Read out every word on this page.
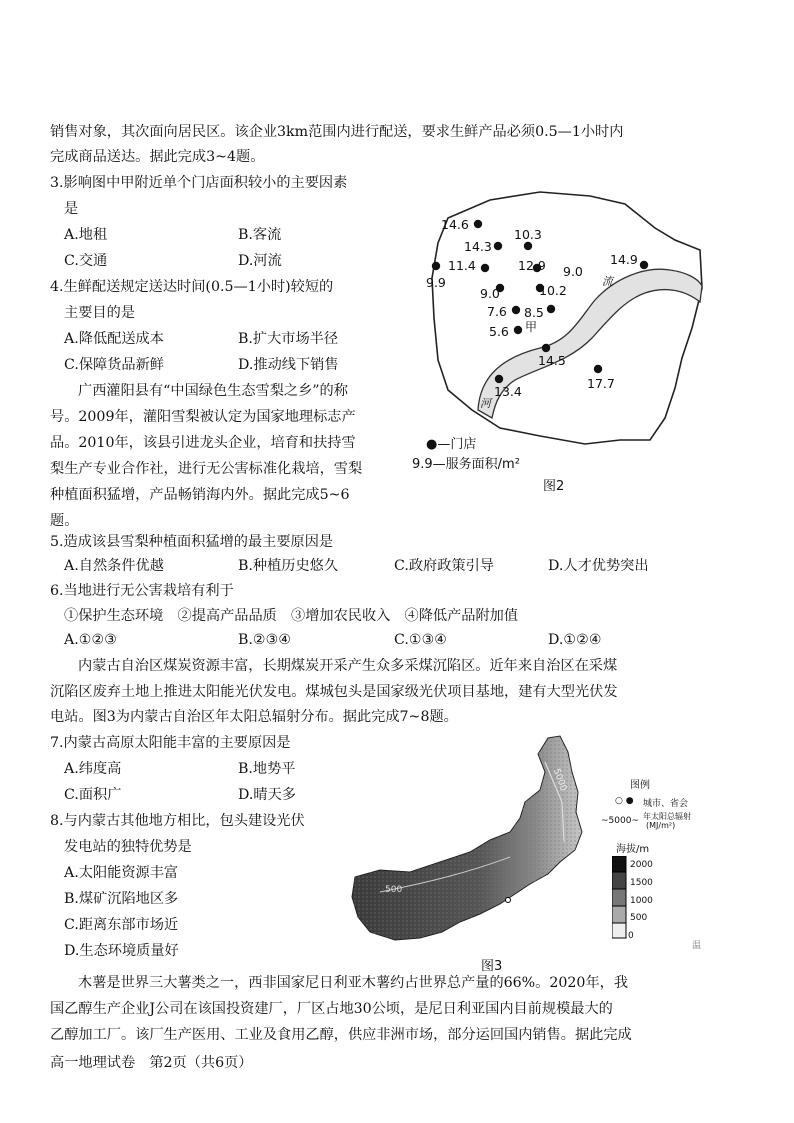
销售对象，其次面向居民区。该企业3km范围内进行配送，要求生鲜产品必须0.5—1小时内
完成商品送达。据此完成3~4题。
3.影响图中甲附近单个门店面积较小的主要因素
是
A.地租	B.客流
C.交通	D.河流
4.生鲜配送规定送达时间(0.5—1小时)较短的
主要目的是
A.降低配送成本	B.扩大市场半径
C.保障货品新鲜	D.推动线下销售
广西灌阳县有“中国绿色生态雪梨之乡”的称
号。2009年，灌阳雪梨被认定为国家地理标志产
品。2010年，该县引进龙头企业，培育和扶持雪
梨生产专业合作社，进行无公害标准化栽培，雪梨
种植面积猛增，产品畅销海内外。据此完成5~6
题。
流
河
甲
14.6
10.3
14.3
11.4	12.9 9.0
14.9
9.9
9.0	10.2
7.6 8.5
5.6
14.5
17.7
13.4
●—门店
9.9—服务面积/m²
图2
5.造成该县雪梨种植面积猛增的最主要原因是
A.自然条件优越	B.种植历史悠久	C.政府政策引导	D.人才优势突出
6.当地进行无公害栽培有利于
①保护生态环境　②提高产品品质　③增加农民收入　④降低产品附加值
A.①②③	B.②③④	C.①③④	D.①②④
内蒙古自治区煤炭资源丰富，长期煤炭开采产生众多采煤沉陷区。近年来自治区在采煤
沉陷区废弃土地上推进太阳能光伏发电。煤城包头是国家级光伏项目基地，建有大型光伏发
电站。图3为内蒙古自治区年太阳总辐射分布。据此完成7~8题。
7.内蒙古高原太阳能丰富的主要原因是
A.纬度高	B.地势平
C.面积广	D.晴天多
8.与内蒙古其他地方相比，包头建设光伏
发电站的独特优势是
A.太阳能资源丰富
B.煤矿沉陷地区多
C.距离东部市场近
D.生态环境质量好
5000
500
呼和浩特
图例
○ ● 城市、省会
~5000~ 年太阳总辐射
(MJ/m²)
海拔/m
2000
1500
1000
500
0
温
图3
木薯是世界三大薯类之一，西非国家尼日利亚木薯约占世界总产量的66%。2020年，我
国乙醇生产企业J公司在该国投资建厂，厂区占地30公顷，是尼日利亚国内目前规模最大的
乙醇加工厂。该厂生产医用、工业及食用乙醇，供应非洲市场，部分运回国内销售。据此完成
高一地理试卷　第2页（共6页）
